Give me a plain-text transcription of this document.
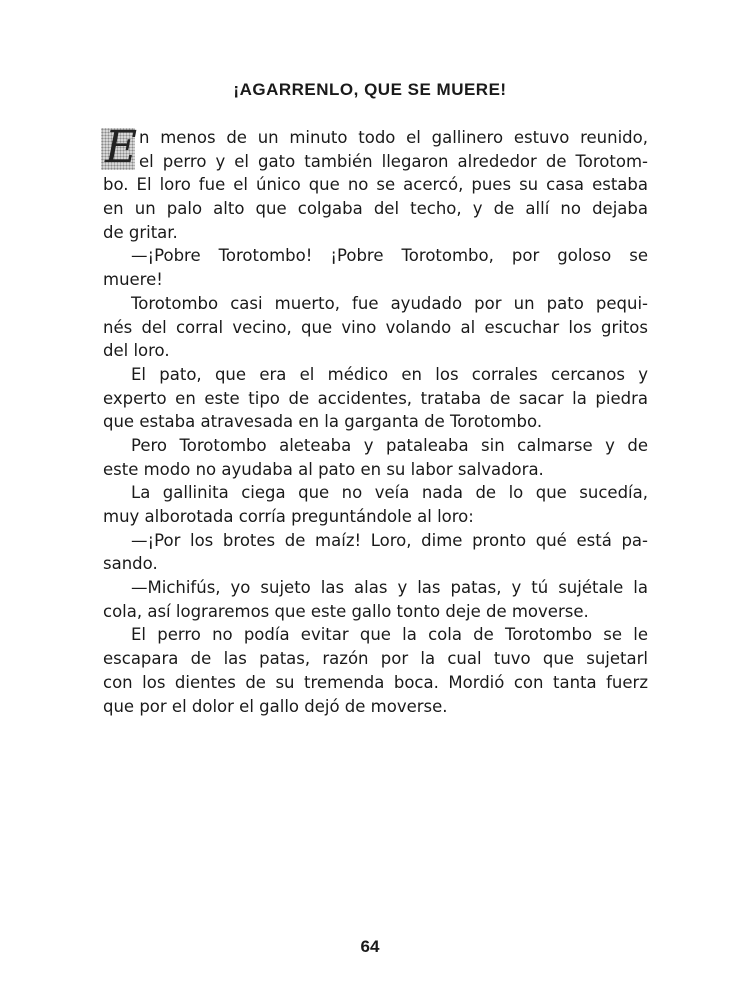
¡AGARRENLO, QUE SE MUERE!
E n menos de un minuto todo el gallinero estuvo reunido,
el perro y el gato también llegaron alrededor de Torotom-
bo. El loro fue el único que no se acercó, pues su casa estaba
en un palo alto que colgaba del techo, y de allí no dejaba
de gritar.
—¡Pobre Torotombo! ¡Pobre Torotombo, por goloso se
muere!
Torotombo casi muerto, fue ayudado por un pato pequi-
nés del corral vecino, que vino volando al escuchar los gritos
del loro.
El pato, que era el médico en los corrales cercanos y
experto en este tipo de accidentes, trataba de sacar la piedra
que estaba atravesada en la garganta de Torotombo.
Pero Torotombo aleteaba y pataleaba sin calmarse y de
este modo no ayudaba al pato en su labor salvadora.
La gallinita ciega que no veía nada de lo que sucedía,
muy alborotada corría preguntándole al loro:
—¡Por los brotes de maíz! Loro, dime pronto qué está pa-
sando.
—Michifús, yo sujeto las alas y las patas, y tú sujétale la
cola, así lograremos que este gallo tonto deje de moverse.
El perro no podía evitar que la cola de Torotombo se le
escapara de las patas, razón por la cual tuvo que sujetarl
con los dientes de su tremenda boca. Mordió con tanta fuerz
que por el dolor el gallo dejó de moverse.
64
